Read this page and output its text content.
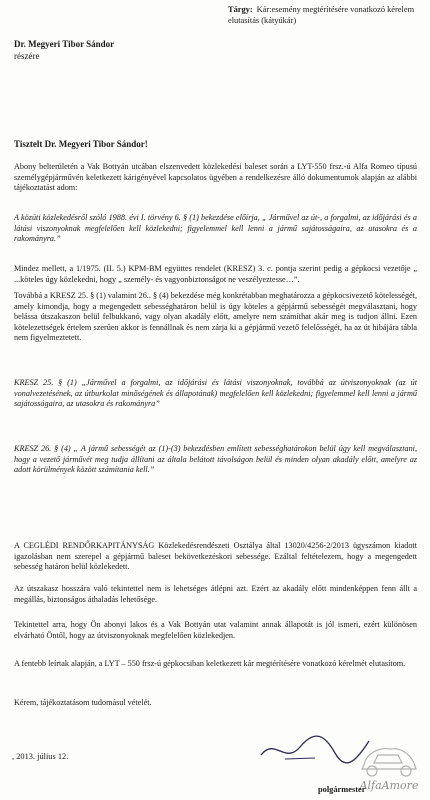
Tárgy: Kár:esemény megtérítésére vonatkozó kérelem elutasítás (kátyúkár)
Dr. Megyeri Tibor Sándor
részére
Tisztelt Dr. Megyeri Tibor Sándor!
Abony belterületén a Vak Bottyán utcában elszenvedett közlekedési baleset során a LYT-550 frsz.-ú Alfa Romeo típusú személygépjárművén keletkezett kárigényével kapcsolatos ügyében a rendelkezésre álló dokumentumok alapján az alábbi tájékoztatást adom:
A közúti közlekedésről szóló 1988. évi I. törvény 6. § (1) bekezdése előírja, „ Járművel az út-, a forgalmi, az időjárási és a látási viszonyoknak megfelelően kell közlekedni; figyelemmel kell lenni a jármű sajátosságaira, az utasokra és a rakományra.”
Mindez mellett, a 1/1975. (II. 5.) KPM-BM együttes rendelet (KRESZ) 3. c. pontja szerint pedig a gépkocsi vezetője „ ...köteles úgy közlekedni, hogy „ személy- és vagyonbiztonságot ne veszélyeztesse…”.
Továbbá a KRESZ 25. § (1) valamint 26.. § (4) bekezdése még konkrétabban meghatározza a gépkocsivezető kötelességét, amely kimondja, hogy a megengedett sebességhatáron belül is úgy köteles a gépjármű sebességét megválasztani, hogy belássa útszakaszon belül felbukkanó, vagy olyan akadály előtt, amelyre nem számíthat akár meg is tudjon állni. Ezen kötelezettségek értelem szerűen akkor is fennállnak és nem zárja ki a gépjármű vezető felelősségét, ha az út hibájára tábla nem figyelmeztetett.
KRESZ 25. § (1) „Járművel a forgalmi, az időjárási és látási viszonyoknak, továbbá az útviszonyoknak (az út vonalvezetésének, az útburkolat minőségének és állapotának) megfelelően kell közlekedni; figyelemmel kell lenni a jármű sajátosságaira, az utasokra és rakományra”
KRESZ 26. § (4) „ A jármű sebességét az (1)-(3) bekezdésben említett sebességhatárokon belül úgy kell megválasztani, hogy a vezető járművét meg tudja állítani az általa belátott távolságon belül és minden olyan akadály előtt, amelyre az adott körülmények között számítania kell.”
A CEGLÉDI RENDŐRKAPITÁNYSÁG Közlekedésrendészeti Osztálya által 13020/4256-2/2013 ügyszámon kiadott igazolásban nem szerepel a gépjármű baleset bekövetkezéskori sebessége. Ezáltal feltételezem, hogy a megengedett sebesség határon belül közlekedett.
Az útszakasz hosszára való tekintettel nem is lehetséges átlépni azt. Ezért az akadály előtt mindenképpen fenn állt a megállás, biztonságos áthaladás lehetősége.
Tekintettel arra, hogy Ön abonyi lakos és a Vak Bottyán utat valamint annak állapotát is jól ismeri, ezért különösen elvárható Öntől, hogy az útviszonyoknak megfelelően közlekedjen.
A fentebb leírtak alapján, a LYT – 550 frsz-ú gépkocsiban keletkezett kár megtérítésére vonatkozó kérelmét elutasítom.
Kérem, tájékoztatásom tudomásul vételét.
, 2013. július 12.
AlfaAmore
polgármester
